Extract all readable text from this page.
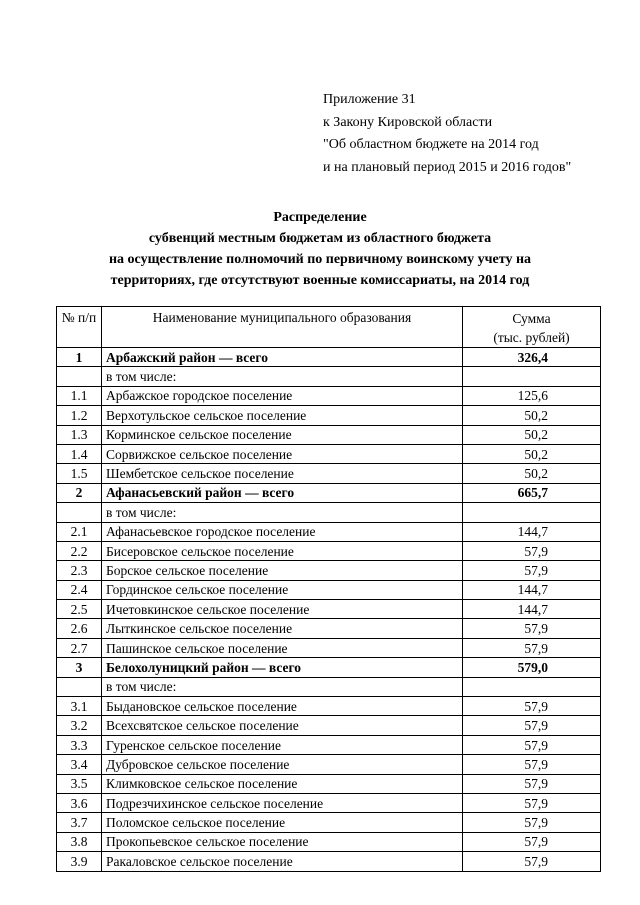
Приложение 31
к Закону Кировской области
"Об областном бюджете на 2014 год
и на плановый период 2015 и 2016 годов"
Распределение
субвенций местным бюджетам из областного бюджета
на осуществление полномочий по первичному воинскому учету на
территориях, где отсутствуют военные комиссариаты, на 2014 год
№ п/п	Наименование муниципального образования	Сумма
(тыс. рублей)

1	Арбажский район — всего	326,4
	в том числе:	
1.1	Арбажское городское поселение	125,6
1.2	Верхотульское сельское поселение	50,2
1.3	Корминское сельское поселение	50,2
1.4	Сорвижское сельское поселение	50,2
1.5	Шембетское сельское поселение	50,2
2	Афанасьевский район — всего	665,7
	в том числе:	
2.1	Афанасьевское городское поселение	144,7
2.2	Бисеровское сельское поселение	57,9
2.3	Борское сельское поселение	57,9
2.4	Гординское сельское поселение	144,7
2.5	Ичетовкинское сельское поселение	144,7
2.6	Лыткинское сельское поселение	57,9
2.7	Пашинское сельское поселение	57,9
3	Белохолуницкий район — всего	579,0
	в том числе:	
3.1	Быдановское сельское поселение	57,9
3.2	Всехсвятское сельское поселение	57,9
3.3	Гуренское сельское поселение	57,9
3.4	Дубровское сельское поселение	57,9
3.5	Климковское сельское поселение	57,9
3.6	Подрезчихинское сельское поселение	57,9
3.7	Поломское сельское поселение	57,9
3.8	Прокопьевское сельское поселение	57,9
3.9	Ракаловское сельское поселение	57,9
